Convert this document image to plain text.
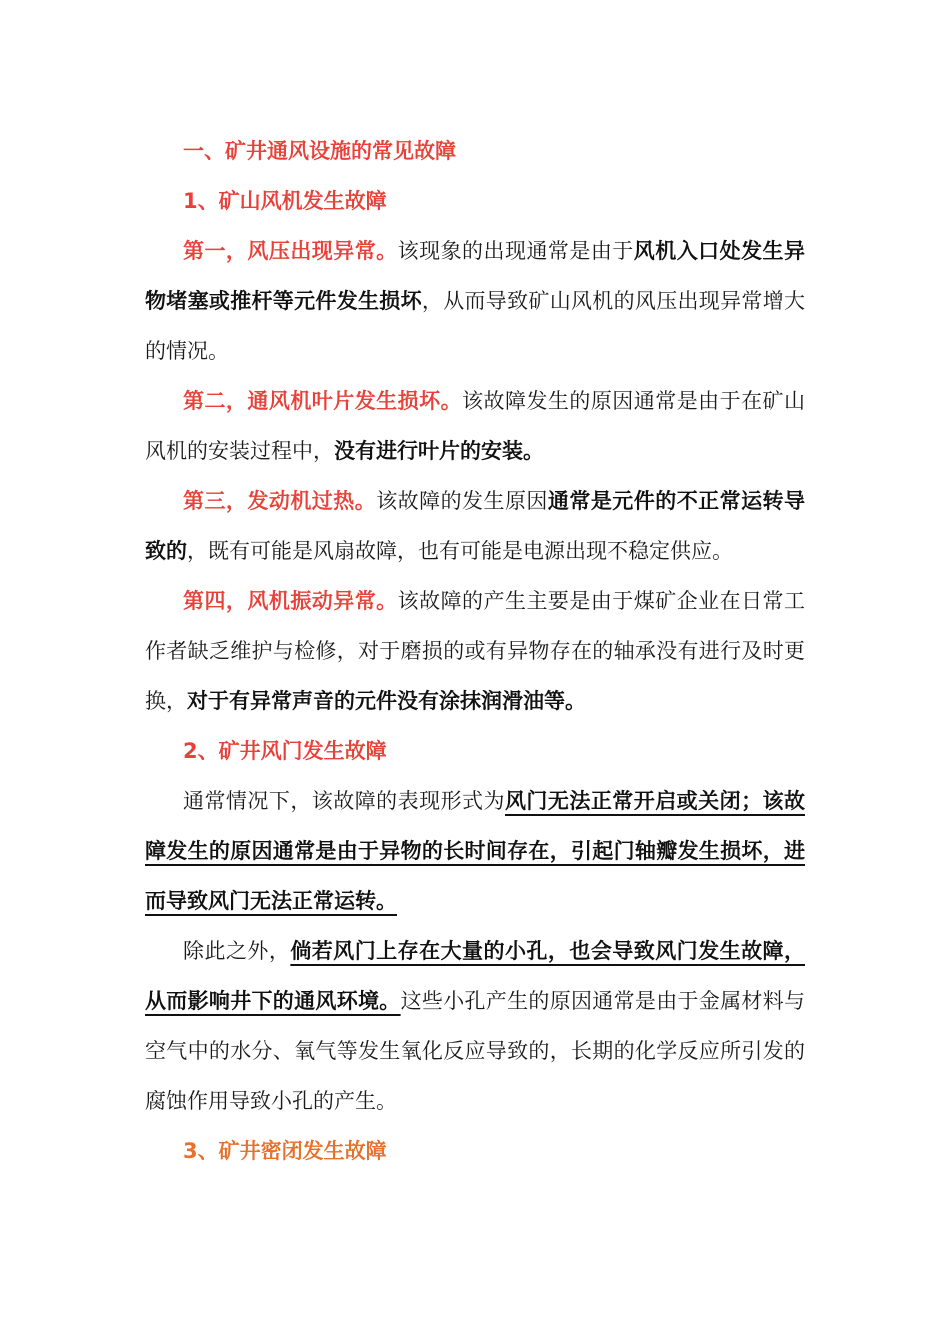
一、矿井通风设施的常见故障

1、矿山风机发生故障

第一，风压出现异常。该现象的出现通常是由于风机入口处发生异物堵塞或推杆等元件发生损坏，从而导致矿山风机的风压出现异常增大的情况。

第二，通风机叶片发生损坏。该故障发生的原因通常是由于在矿山风机的安装过程中，没有进行叶片的安装。

第三，发动机过热。该故障的发生原因通常是元件的不正常运转导致的，既有可能是风扇故障，也有可能是电源出现不稳定供应。

第四，风机振动异常。该故障的产生主要是由于煤矿企业在日常工作者缺乏维护与检修，对于磨损的或有异物存在的轴承没有进行及时更换，对于有异常声音的元件没有涂抹润滑油等。

2、矿井风门发生故障

通常情况下，该故障的表现形式为风门无法正常开启或关闭；该故障发生的原因通常是由于异物的长时间存在，引起门轴瓣发生损坏，进而导致风门无法正常运转。

除此之外，倘若风门上存在大量的小孔，也会导致风门发生故障，从而影响井下的通风环境。这些小孔产生的原因通常是由于金属材料与空气中的水分、氧气等发生氧化反应导致的，长期的化学反应所引发的腐蚀作用导致小孔的产生。

3、矿井密闭发生故障
